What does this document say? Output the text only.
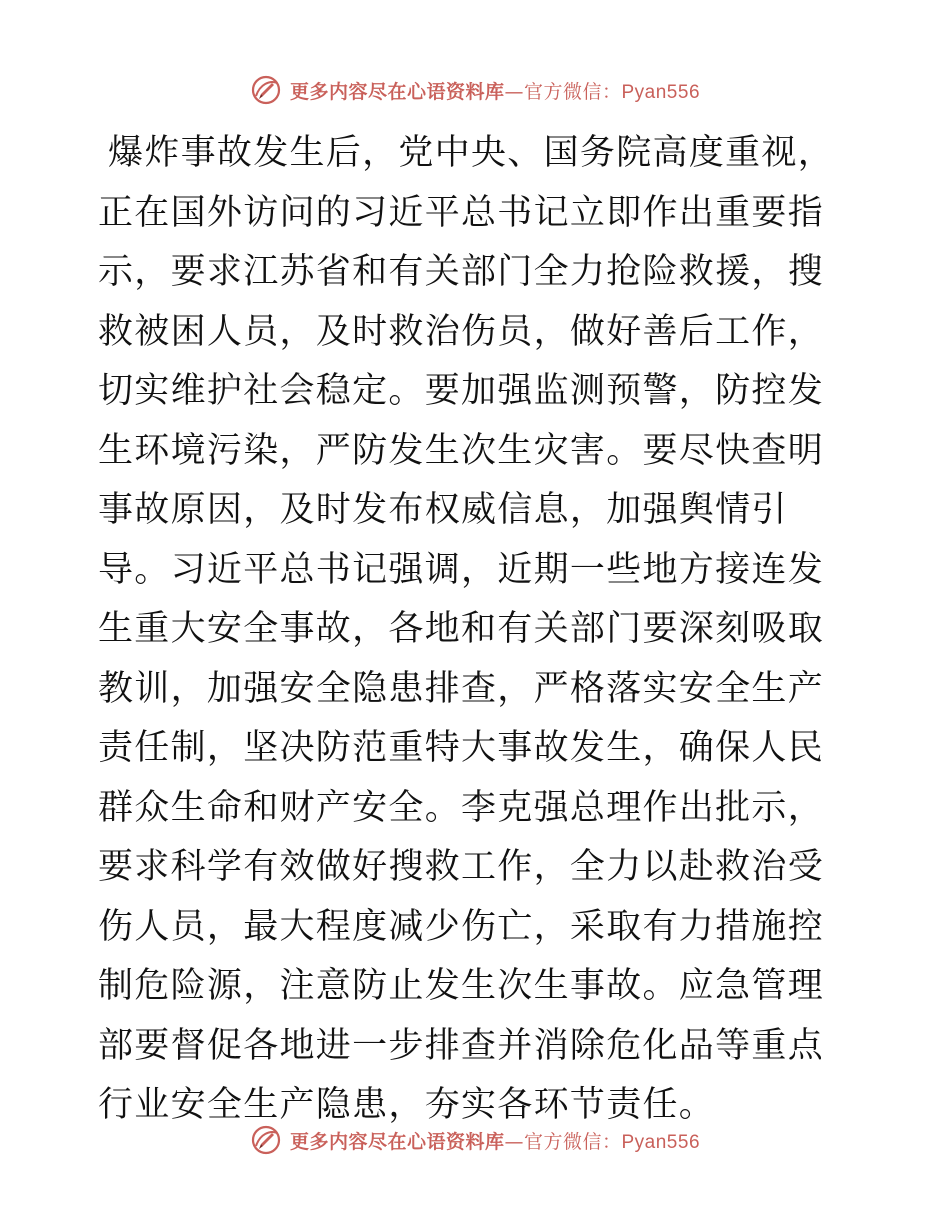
更多内容尽在心语资料库—官方微信：Pyan556

爆炸事故发生后，党中央、国务院高度重视，正在国外访问的习近平总书记立即作出重要指示，要求江苏省和有关部门全力抢险救援，搜救被困人员，及时救治伤员，做好善后工作，切实维护社会稳定。要加强监测预警，防控发生环境污染，严防发生次生灾害。要尽快查明事故原因，及时发布权威信息，加强舆情引导。习近平总书记强调，近期一些地方接连发生重大安全事故，各地和有关部门要深刻吸取教训，加强安全隐患排查，严格落实安全生产责任制，坚决防范重特大事故发生，确保人民群众生命和财产安全。李克强总理作出批示，要求科学有效做好搜救工作，全力以赴救治受伤人员，最大程度减少伤亡，采取有力措施控制危险源，注意防止发生次生事故。应急管理部要督促各地进一步排查并消除危化品等重点行业安全生产隐患，夯实各环节责任。

更多内容尽在心语资料库—官方微信：Pyan556
